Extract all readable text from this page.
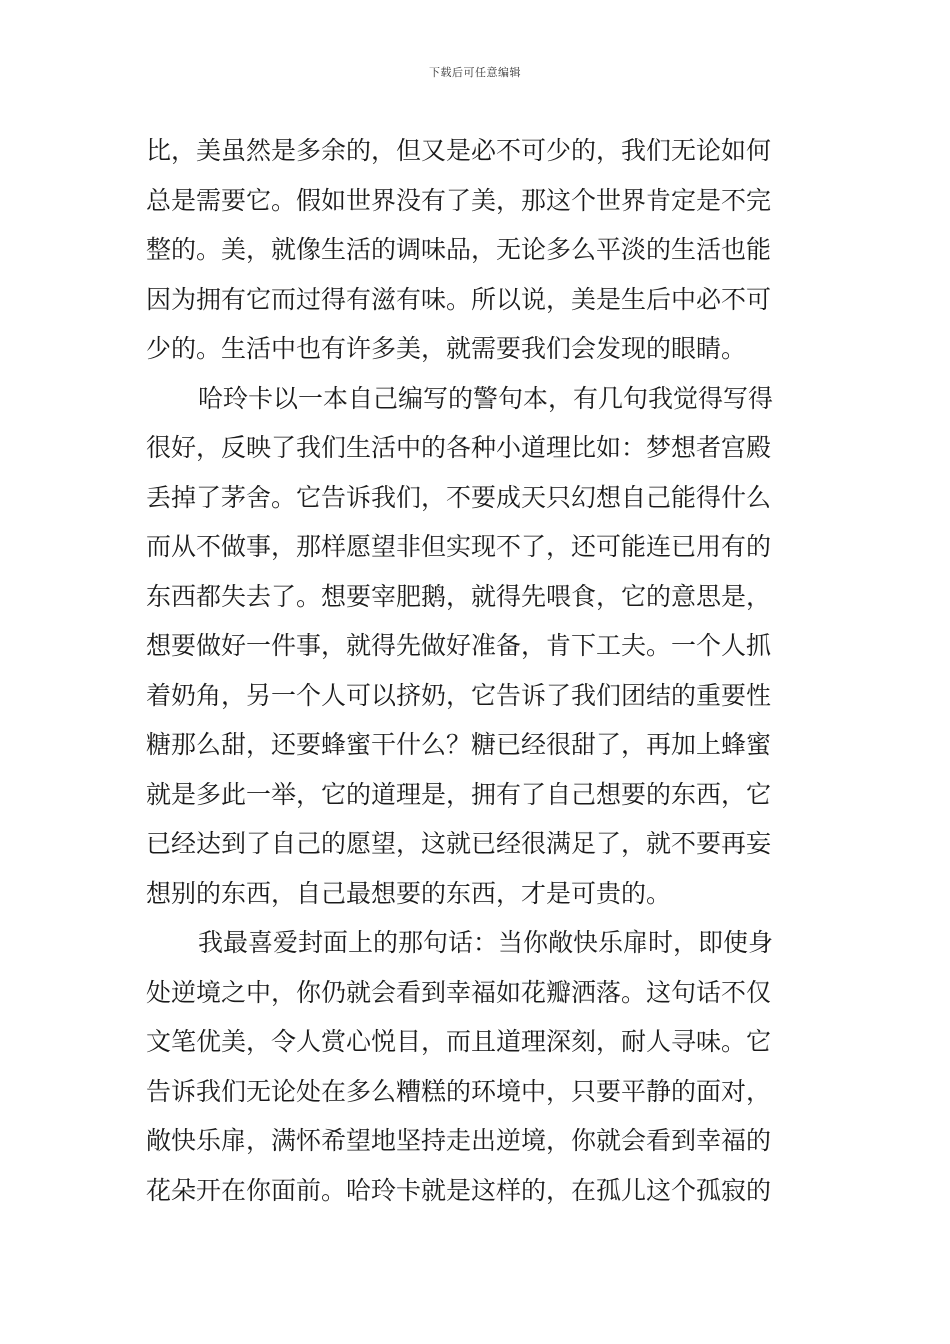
下载后可任意编辑
比，美虽然是多余的，但又是必不可少的，我们无论如何
总是需要它。假如世界没有了美，那这个世界肯定是不完
整的。美，就像生活的调味品，无论多么平淡的生活也能
因为拥有它而过得有滋有味。所以说，美是生后中必不可
少的。生活中也有许多美，就需要我们会发现的眼睛。
哈玲卡以一本自己编写的警句本，有几句我觉得写得
很好，反映了我们生活中的各种小道理比如：梦想者宫殿
丢掉了茅舍。它告诉我们，不要成天只幻想自己能得什么
而从不做事，那样愿望非但实现不了，还可能连已用有的
东西都失去了。想要宰肥鹅，就得先喂食，它的意思是，
想要做好一件事，就得先做好准备，肯下工夫。一个人抓
着奶角，另一个人可以挤奶，它告诉了我们团结的重要性
糖那么甜，还要蜂蜜干什么？糖已经很甜了，再加上蜂蜜
就是多此一举，它的道理是，拥有了自己想要的东西，它
已经达到了自己的愿望，这就已经很满足了，就不要再妄
想别的东西，自己最想要的东西，才是可贵的。
我最喜爱封面上的那句话：当你敞快乐扉时，即使身
处逆境之中，你仍就会看到幸福如花瓣洒落。这句话不仅
文笔优美，令人赏心悦目，而且道理深刻，耐人寻味。它
告诉我们无论处在多么糟糕的环境中，只要平静的面对，
敞快乐扉，满怀希望地坚持走出逆境，你就会看到幸福的
花朵开在你面前。哈玲卡就是这样的，在孤儿这个孤寂的
